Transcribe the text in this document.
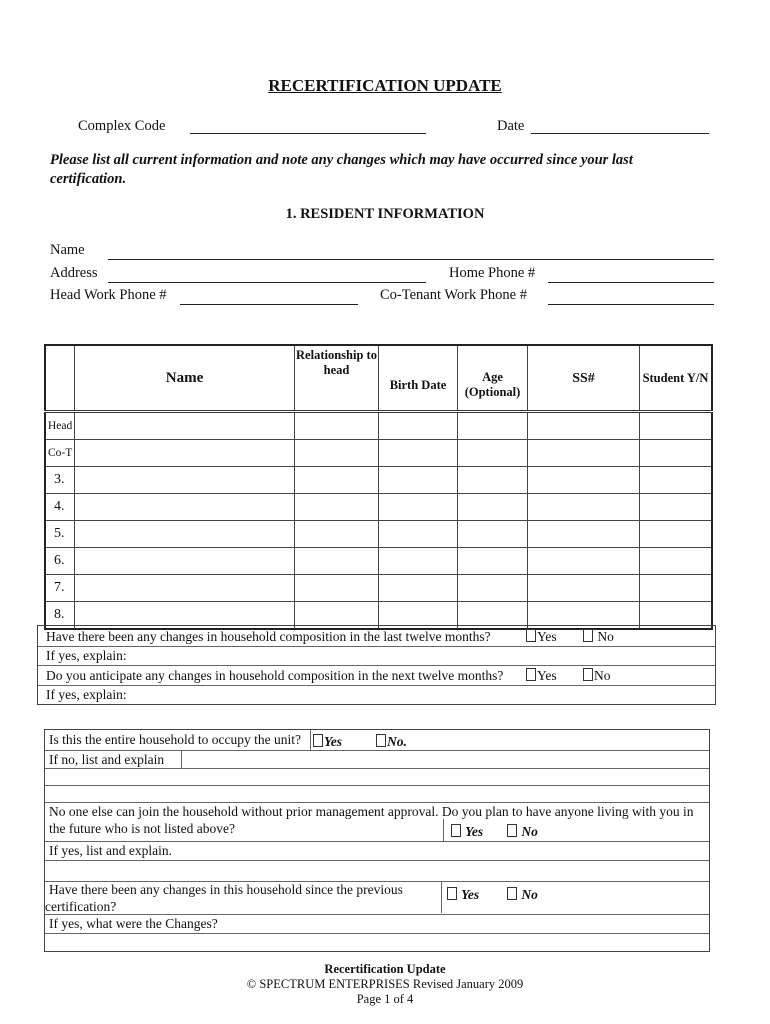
RECERTIFICATION UPDATE
Complex Code	Date
Please list all current information and note any changes which may have occurred since your last certification.
1. RESIDENT INFORMATION
Name
Address	Home Phone #
Head Work Phone #	Co-Tenant Work Phone #
	Name	Relationship to head	Birth Date	Age (Optional)	SS#	Student Y/N
Head						
Co-T						
3.						
4.						
5.						
6.						
7.						
8.						
Have there been any changes in household composition in the last twelve months?	Yes	No
If yes, explain:
Do you anticipate any changes in household composition in the next twelve months?	Yes	No
If yes, explain:
Is this the entire household to occupy the unit?	Yes	No.
If no, list and explain
No one else can join the household without prior management approval. Do you plan to have anyone living with you in
the future who is not listed above?	Yes	No
If yes, list and explain.
Have there been any changes in this household since the previous
certification?
Yes	No
If yes, what were the Changes?
Recertification Update
© SPECTRUM ENTERPRISES Revised January 2009
Page 1 of 4
